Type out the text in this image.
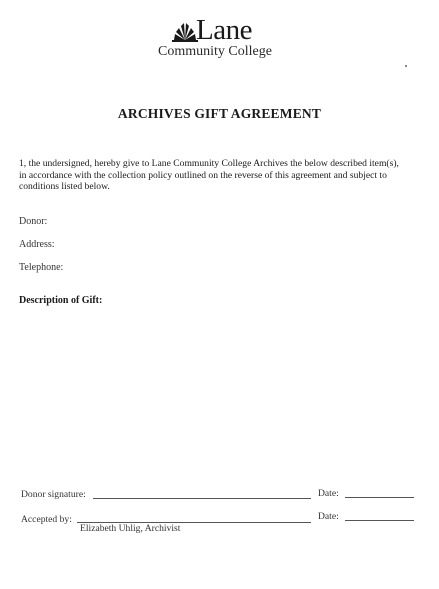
Lane
Community College
ARCHIVES GIFT AGREEMENT
1, the undersigned, hereby give to Lane Community College Archives the below described item(s),
in accordance with the collection policy outlined on the reverse of this agreement and subject to
conditions listed below.
Donor:
Address:
Telephone:
Description of Gift:
Donor signature:	Date:
Accepted by:	Date:
Elizabeth Uhlig, Archivist
